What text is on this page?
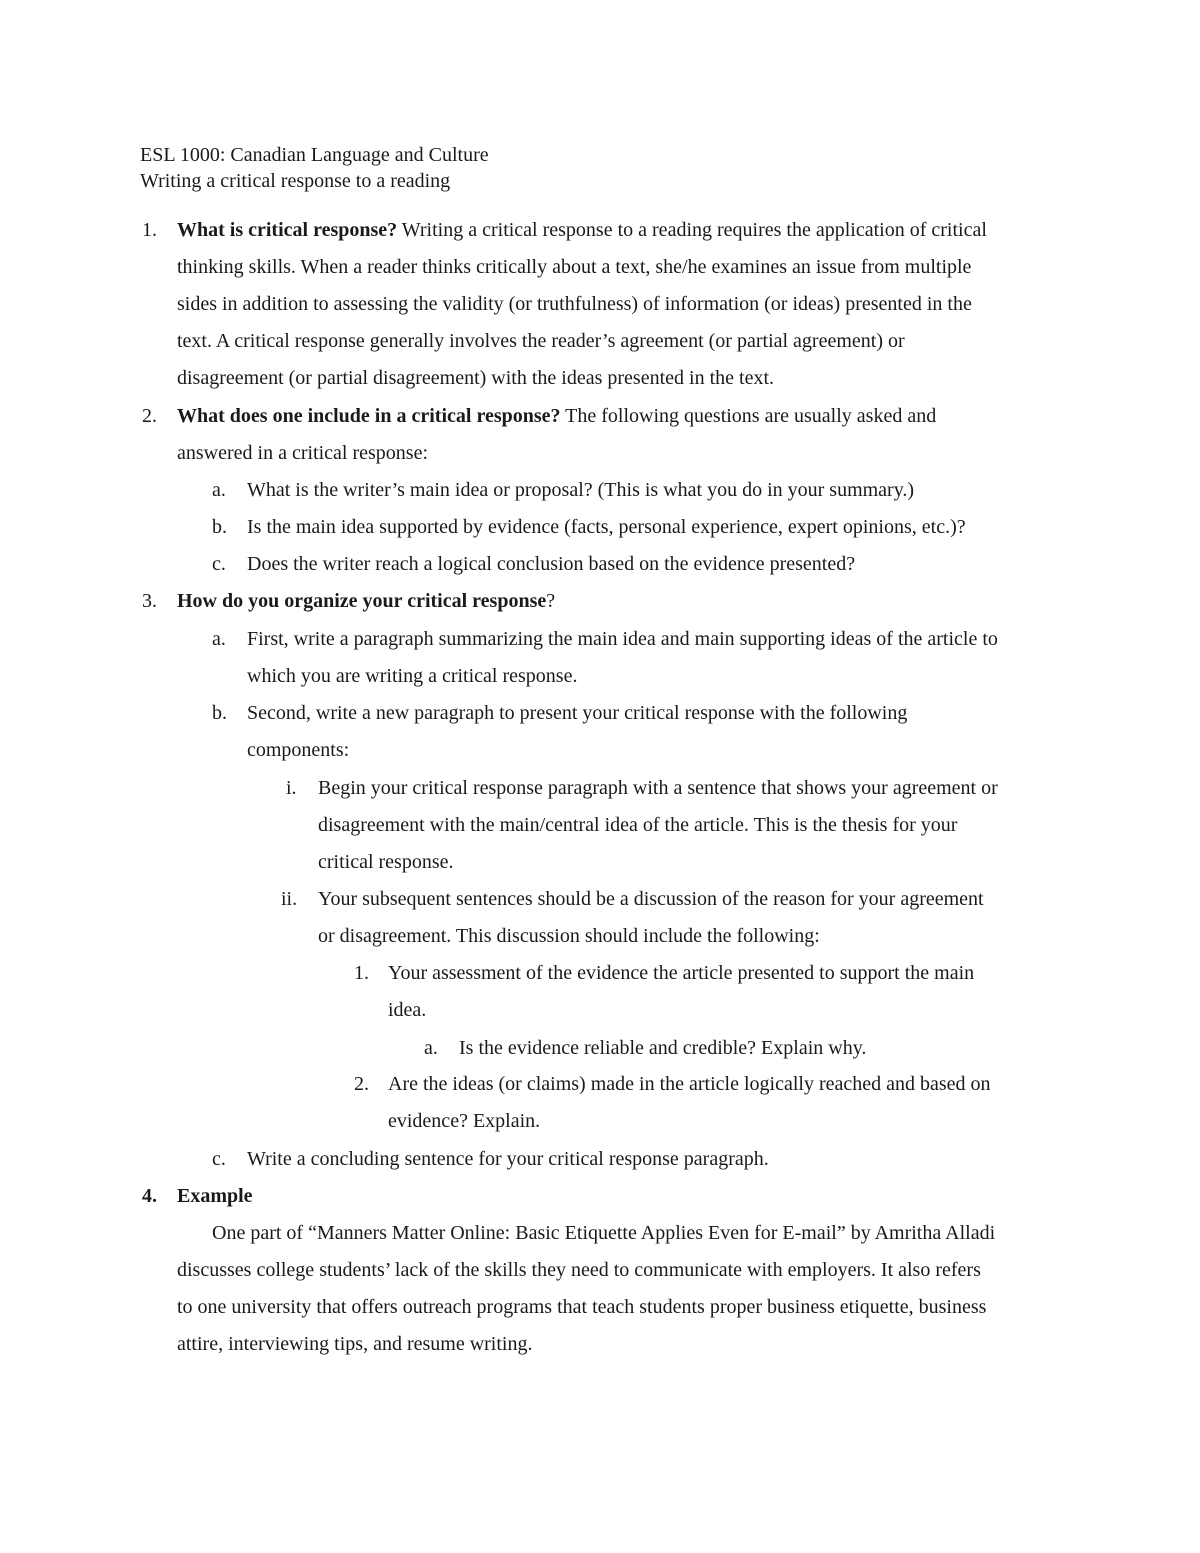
ESL 1000: Canadian Language and Culture
Writing a critical response to a reading
1. What is critical response? Writing a critical response to a reading requires the application of critical
thinking skills. When a reader thinks critically about a text, she/he examines an issue from multiple
sides in addition to assessing the validity (or truthfulness) of information (or ideas) presented in the
text. A critical response generally involves the reader’s agreement (or partial agreement) or
disagreement (or partial disagreement) with the ideas presented in the text.
2. What does one include in a critical response? The following questions are usually asked and
answered in a critical response:
a. What is the writer’s main idea or proposal? (This is what you do in your summary.)
b. Is the main idea supported by evidence (facts, personal experience, expert opinions, etc.)?
c. Does the writer reach a logical conclusion based on the evidence presented?
3. How do you organize your critical response?
a. First, write a paragraph summarizing the main idea and main supporting ideas of the article to
which you are writing a critical response.
b. Second, write a new paragraph to present your critical response with the following
components:
i. Begin your critical response paragraph with a sentence that shows your agreement or
disagreement with the main/central idea of the article. This is the thesis for your
critical response.
ii. Your subsequent sentences should be a discussion of the reason for your agreement
or disagreement. This discussion should include the following:
1. Your assessment of the evidence the article presented to support the main
idea.
a. Is the evidence reliable and credible? Explain why.
2. Are the ideas (or claims) made in the article logically reached and based on
evidence? Explain.
c. Write a concluding sentence for your critical response paragraph.
4. Example
One part of “Manners Matter Online: Basic Etiquette Applies Even for E-mail” by Amritha Alladi
discusses college students’ lack of the skills they need to communicate with employers. It also refers
to one university that offers outreach programs that teach students proper business etiquette, business
attire, interviewing tips, and resume writing.
